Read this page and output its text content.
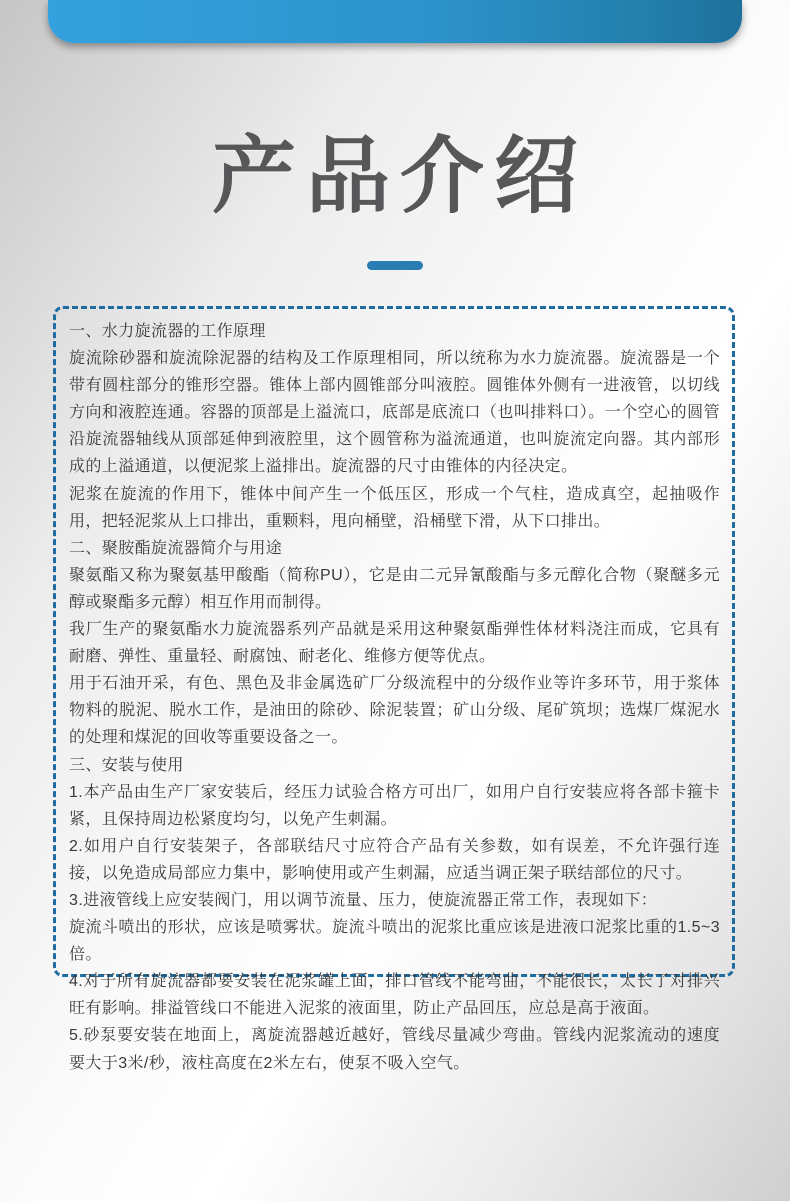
产品介绍

一、水力旋流器的工作原理

旋流除砂器和旋流除泥器的结构及工作原理相同，所以统称为水力旋流器。旋流器是一个带有圆柱部分的锥形空器。锥体上部内圆锥部分叫液腔。圆锥体外侧有一进液管，以切线方向和液腔连通。容器的顶部是上溢流口，底部是底流口（也叫排料口）。一个空心的圆管沿旋流器轴线从顶部延伸到液腔里，这个圆管称为溢流通道，也叫旋流定向器。其内部形成的上溢通道，以便泥浆上溢排出。旋流器的尺寸由锥体的内径决定。

泥浆在旋流的作用下，锥体中间产生一个低压区，形成一个气柱，造成真空，起抽吸作用，把轻泥浆从上口排出，重颗料，甩向桶壁，沿桶壁下滑，从下口排出。

二、聚胺酯旋流器简介与用途

聚氨酯又称为聚氨基甲酸酯（简称PU），它是由二元异氰酸酯与多元醇化合物（聚醚多元醇或聚酯多元醇）相互作用而制得。

我厂生产的聚氨酯水力旋流器系列产品就是采用这种聚氨酯弹性体材料浇注而成，它具有耐磨、弹性、重量轻、耐腐蚀、耐老化、维修方便等优点。

用于石油开采，有色、黑色及非金属选矿厂分级流程中的分级作业等许多环节，用于浆体物料的脱泥、脱水工作，是油田的除砂、除泥装置；矿山分级、尾矿筑坝；选煤厂煤泥水的处理和煤泥的回收等重要设备之一。

三、安装与使用

1.本产品由生产厂家安装后，经压力试验合格方可出厂，如用户自行安装应将各部卡箍卡紧，且保持周边松紧度均匀，以免产生刺漏。

2.如用户自行安装架子，各部联结尺寸应符合产品有关参数，如有误差，不允许强行连接，以免造成局部应力集中，影响使用或产生刺漏，应适当调正架子联结部位的尺寸。

3.进液管线上应安装阀门，用以调节流量、压力，使旋流器正常工作，表现如下：

旋流斗喷出的形状，应该是喷雾状。旋流斗喷出的泥浆比重应该是进液口泥浆比重的1.5~3倍。

4.对于所有旋流器都要安装在泥浆罐上面，排口管线不能弯曲，不能很长，太长了对排兴旺有影响。排溢管线口不能进入泥浆的液面里，防止产品回压，应总是高于液面。

5.砂泵要安装在地面上，离旋流器越近越好，管线尽量减少弯曲。管线内泥浆流动的速度要大于3米/秒，液柱高度在2米左右，使泵不吸入空气。
